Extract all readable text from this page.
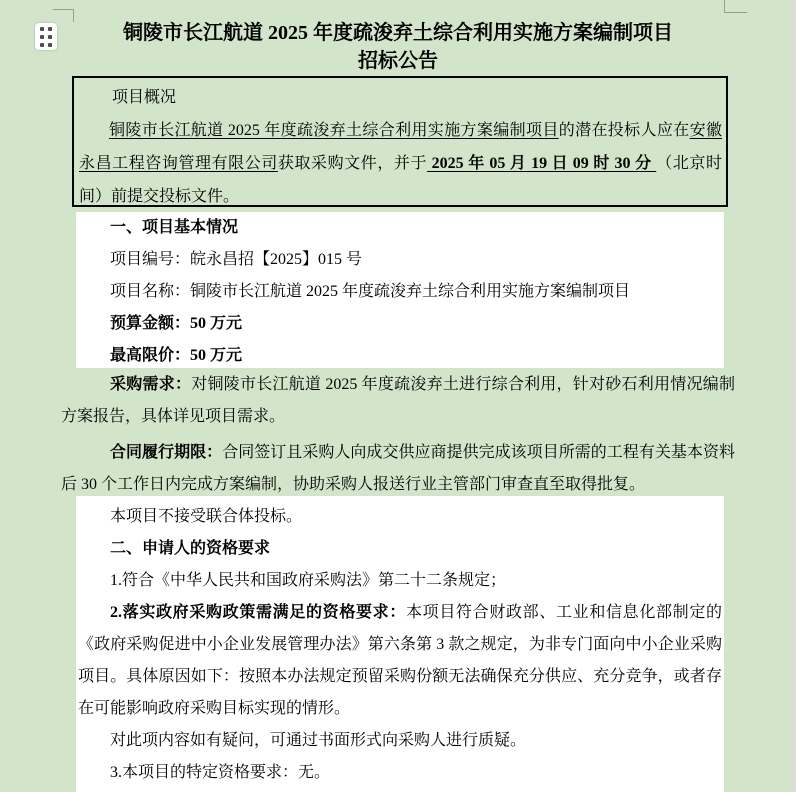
铜陵市长江航道 2025 年度疏浚弃土综合利用实施方案编制项目
招标公告

项目概况

铜陵市长江航道 2025 年度疏浚弃土综合利用实施方案编制项目的潜在投标人应在安徽永昌工程咨询管理有限公司获取采购文件，并于 2025 年 05 月 19 日 09 时 30 分 （北京时间）前提交投标文件。

一、项目基本情况

项目编号：皖永昌招【2025】015 号

项目名称：铜陵市长江航道 2025 年度疏浚弃土综合利用实施方案编制项目

预算金额：50 万元

最高限价：50 万元

采购需求：对铜陵市长江航道 2025 年度疏浚弃土进行综合利用，针对砂石利用情况编制方案报告，具体详见项目需求。

合同履行期限：合同签订且采购人向成交供应商提供完成该项目所需的工程有关基本资料后 30 个工作日内完成方案编制，协助采购人报送行业主管部门审查直至取得批复。

本项目不接受联合体投标。

二、申请人的资格要求

1.符合《中华人民共和国政府采购法》第二十二条规定；

2.落实政府采购政策需满足的资格要求：本项目符合财政部、工业和信息化部制定的《政府采购促进中小企业发展管理办法》第六条第 3 款之规定，为非专门面向中小企业采购项目。具体原因如下：按照本办法规定预留采购份额无法确保充分供应、充分竞争，或者存在可能影响政府采购目标实现的情形。

对此项内容如有疑问，可通过书面形式向采购人进行质疑。

3.本项目的特定资格要求：无。
